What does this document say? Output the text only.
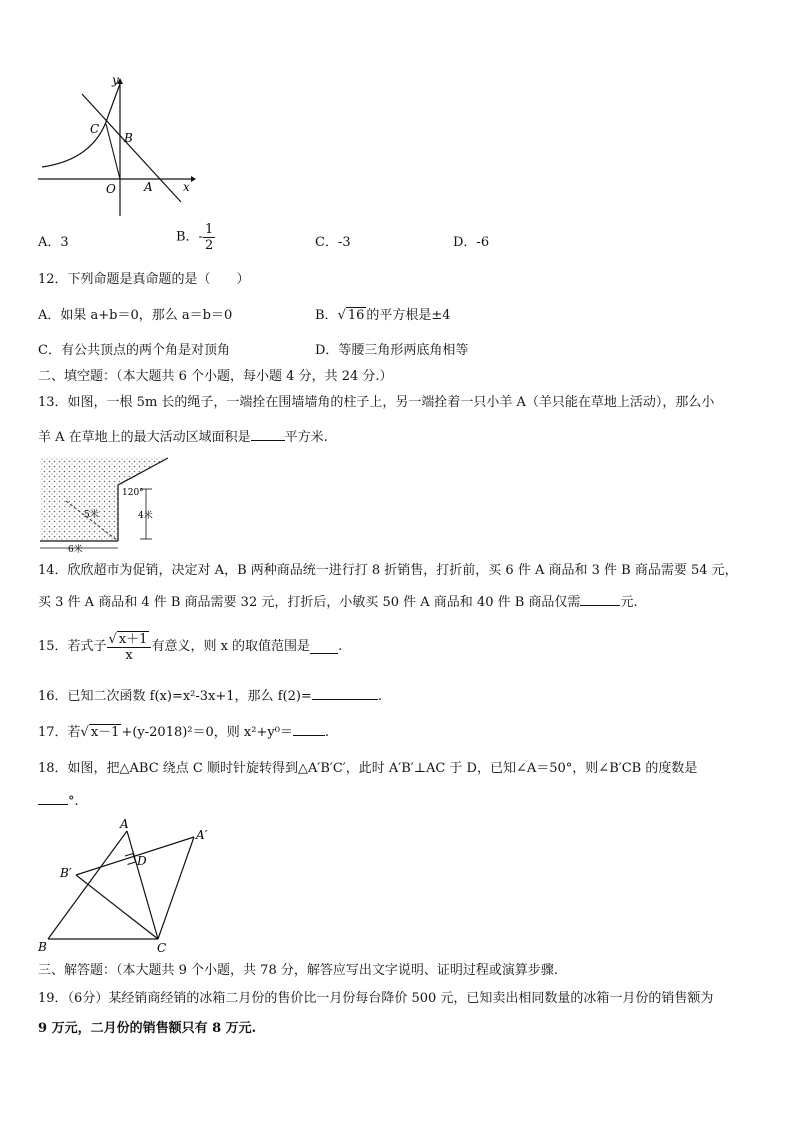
y
C
B
O A	x
A．3	B．- $\frac{1}{2}$	C．-3	D．-6
12．下列命题是真命题的是（　　）
A．如果 a+b＝0，那么 a＝b＝0	B．√ 16 的平方根是±4
C．有公共顶点的两个角是对顶角	D．等腰三角形两底角相等
二、填空题：（本大题共 6 个小题，每小题 4 分，共 24 分.）
13．如图，一根 5m 长的绳子，一端拴在围墙墙角的柱子上，另一端拴着一只小羊 A（羊只能在草地上活动），那么小
羊 A 在草地上的最大活动区域面积是	平方米.
120°
5米	4米
6米
14．欣欣超市为促销，决定对 A，B 两种商品统一进行打 8 折销售，打折前，买 6 件 A 商品和 3 件 B 商品需要 54 元，
买 3 件 A 商品和 4 件 B 商品需要 32 元，打折后，小敏买 50 件 A 商品和 40 件 B 商品仅需	元.
15．若式子 $\frac{√ x+1}{x}$ 有意义，则 x 的取值范围是 .
16．已知二次函数 f(x)=x²-3x+1，那么 f(2)=	.
17．若√ x－1 +(y-2018)²＝0，则 x²+y⁰＝ .
18．如图，把△ABC 绕点 C 顺时针旋转得到△A′B′C′，此时 A′B′⊥AC 于 D，已知∠A＝50°，则∠B′CB 的度数是
°.
A
A′
B′
D
B	C
三、解答题：（本大题共 9 个小题，共 78 分，解答应写出文字说明、证明过程或演算步骤.
19．（6分）某经销商经销的冰箱二月份的售价比一月份每台降价 500 元，已知卖出相同数量的冰箱一月份的销售额为
9 万元，二月份的销售额只有 8 万元.
